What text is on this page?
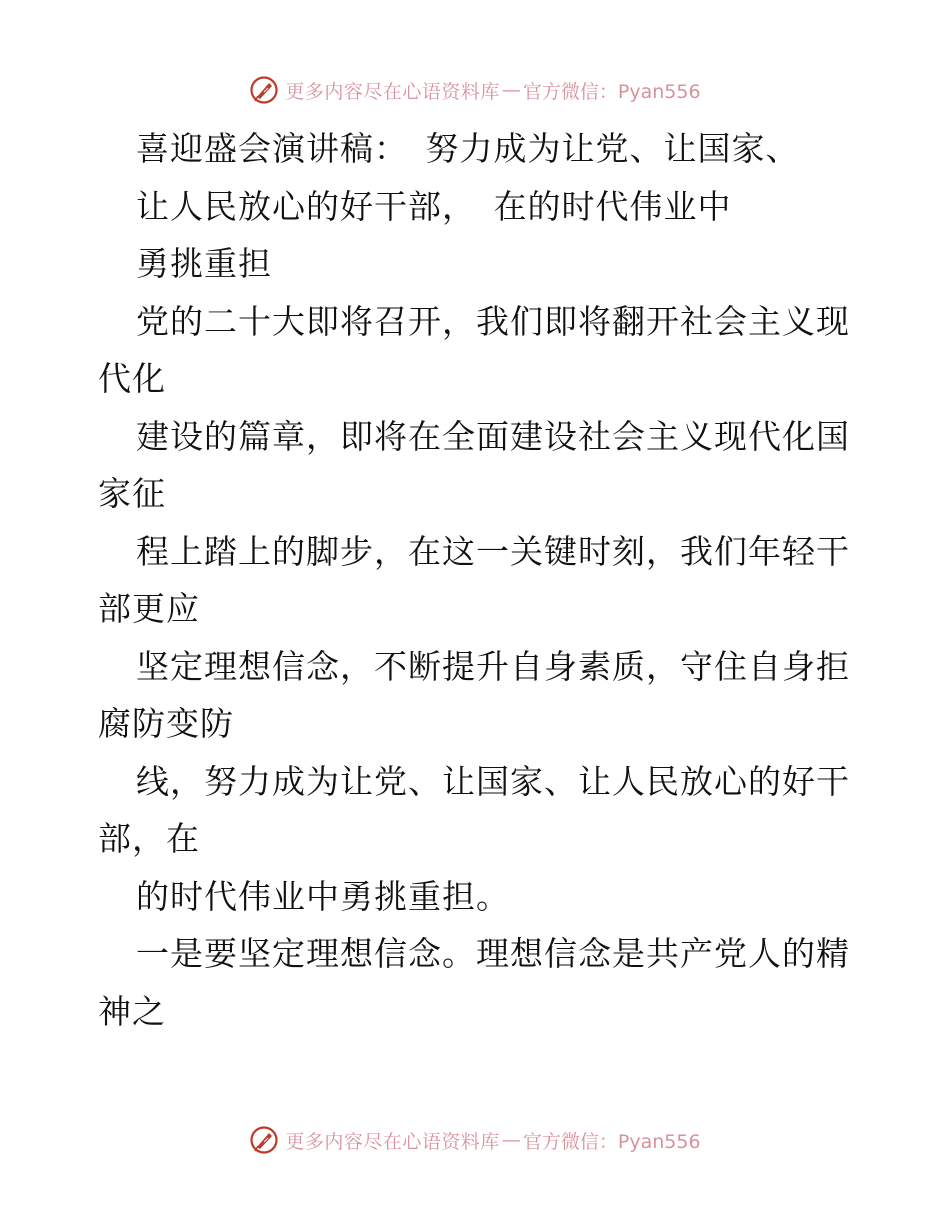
更多内容尽在心语资料库 — 官方微信：Pyan556
喜迎盛会演讲稿：　努力成为让党、让国家、
让人民放心的好干部，　在的时代伟业中
勇挑重担
党的二十大即将召开，我们即将翻开社会主义现
代化
建设的篇章，即将在全面建设社会主义现代化国
家征
程上踏上的脚步，在这一关键时刻，我们年轻干
部更应
坚定理想信念，不断提升自身素质，守住自身拒
腐防变防
线，努力成为让党、让国家、让人民放心的好干
部，在
的时代伟业中勇挑重担。
一是要坚定理想信念。理想信念是共产党人的精
神之
更多内容尽在心语资料库 — 官方微信：Pyan556
